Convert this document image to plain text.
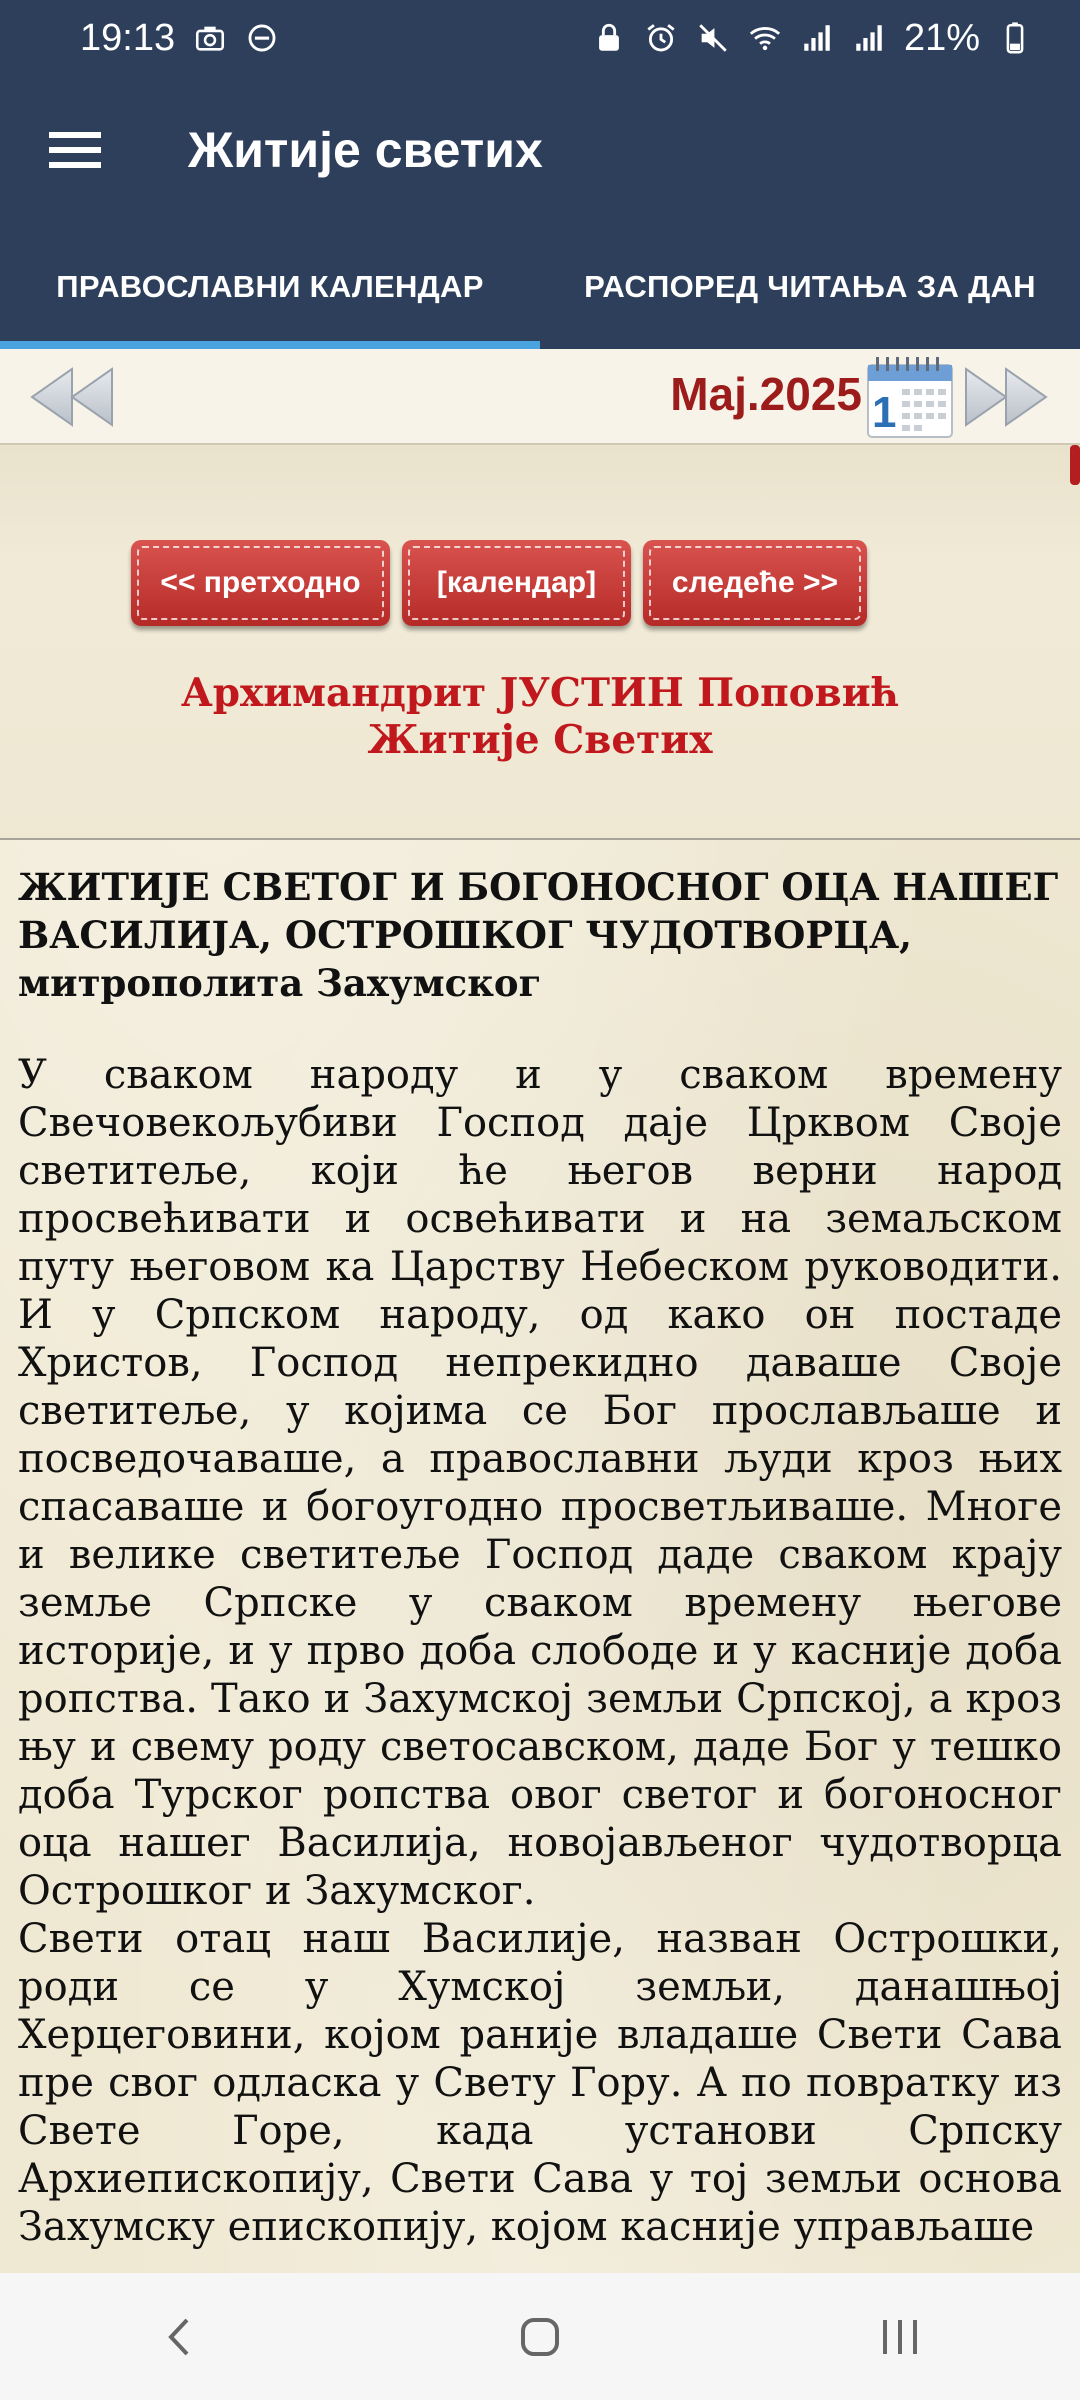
19:13	21%
Житије светих
ПРАВОСЛАВНИ КАЛЕНДАР	РАСПОРЕД ЧИТАЊА ЗА ДАН
Maj.2025 1
<< претходно	[календар]	следеће >>
Архимандрит ЈУСТИН Поповић
Житије Светих
ЖИТИЈЕ СВЕТОГ И БОГОНОСНОГ ОЦА НАШЕГ ВАСИЛИЈА, ОСТРОШКОГ ЧУДОТВОРЦА, митрополита Захумског

У сваком народу и у сваком времену Свечовекољубиви Господ даје Црквом Своје светитеље, који ће његов верни народ просвећивати и освећивати и на земаљском путу његовом ка Царству Небеском руководити. И у Српском народу, од како он постаде Христов, Господ непрекидно даваше Своје светитеље, у којима се Бог прослављаше и посведочаваше, а православни људи кроз њих спасаваше и богоугодно просветљиваше. Многе и велике светитеље Господ даде сваком крају земље Српске у сваком времену његове историје, и у прво доба слободе и у касније доба ропства. Тако и Захумској земљи Српској, а кроз њу и свему роду светосавском, даде Бог у тешко доба Турског ропства овог светог и богоносног оца нашег Василија, новојављеног чудотворца Острошког и Захумског.

Свети отац наш Василије, назван Острошки, роди се у Хумској земљи, данашњој Херцеговини, којом раније владаше Свети Сава пре свог одласка у Свету Гору. А по повратку из Свете Горе, када установи Српску Архиепископију, Свети Сава у тој земљи основа Захумску епископију, којом касније управљаше
